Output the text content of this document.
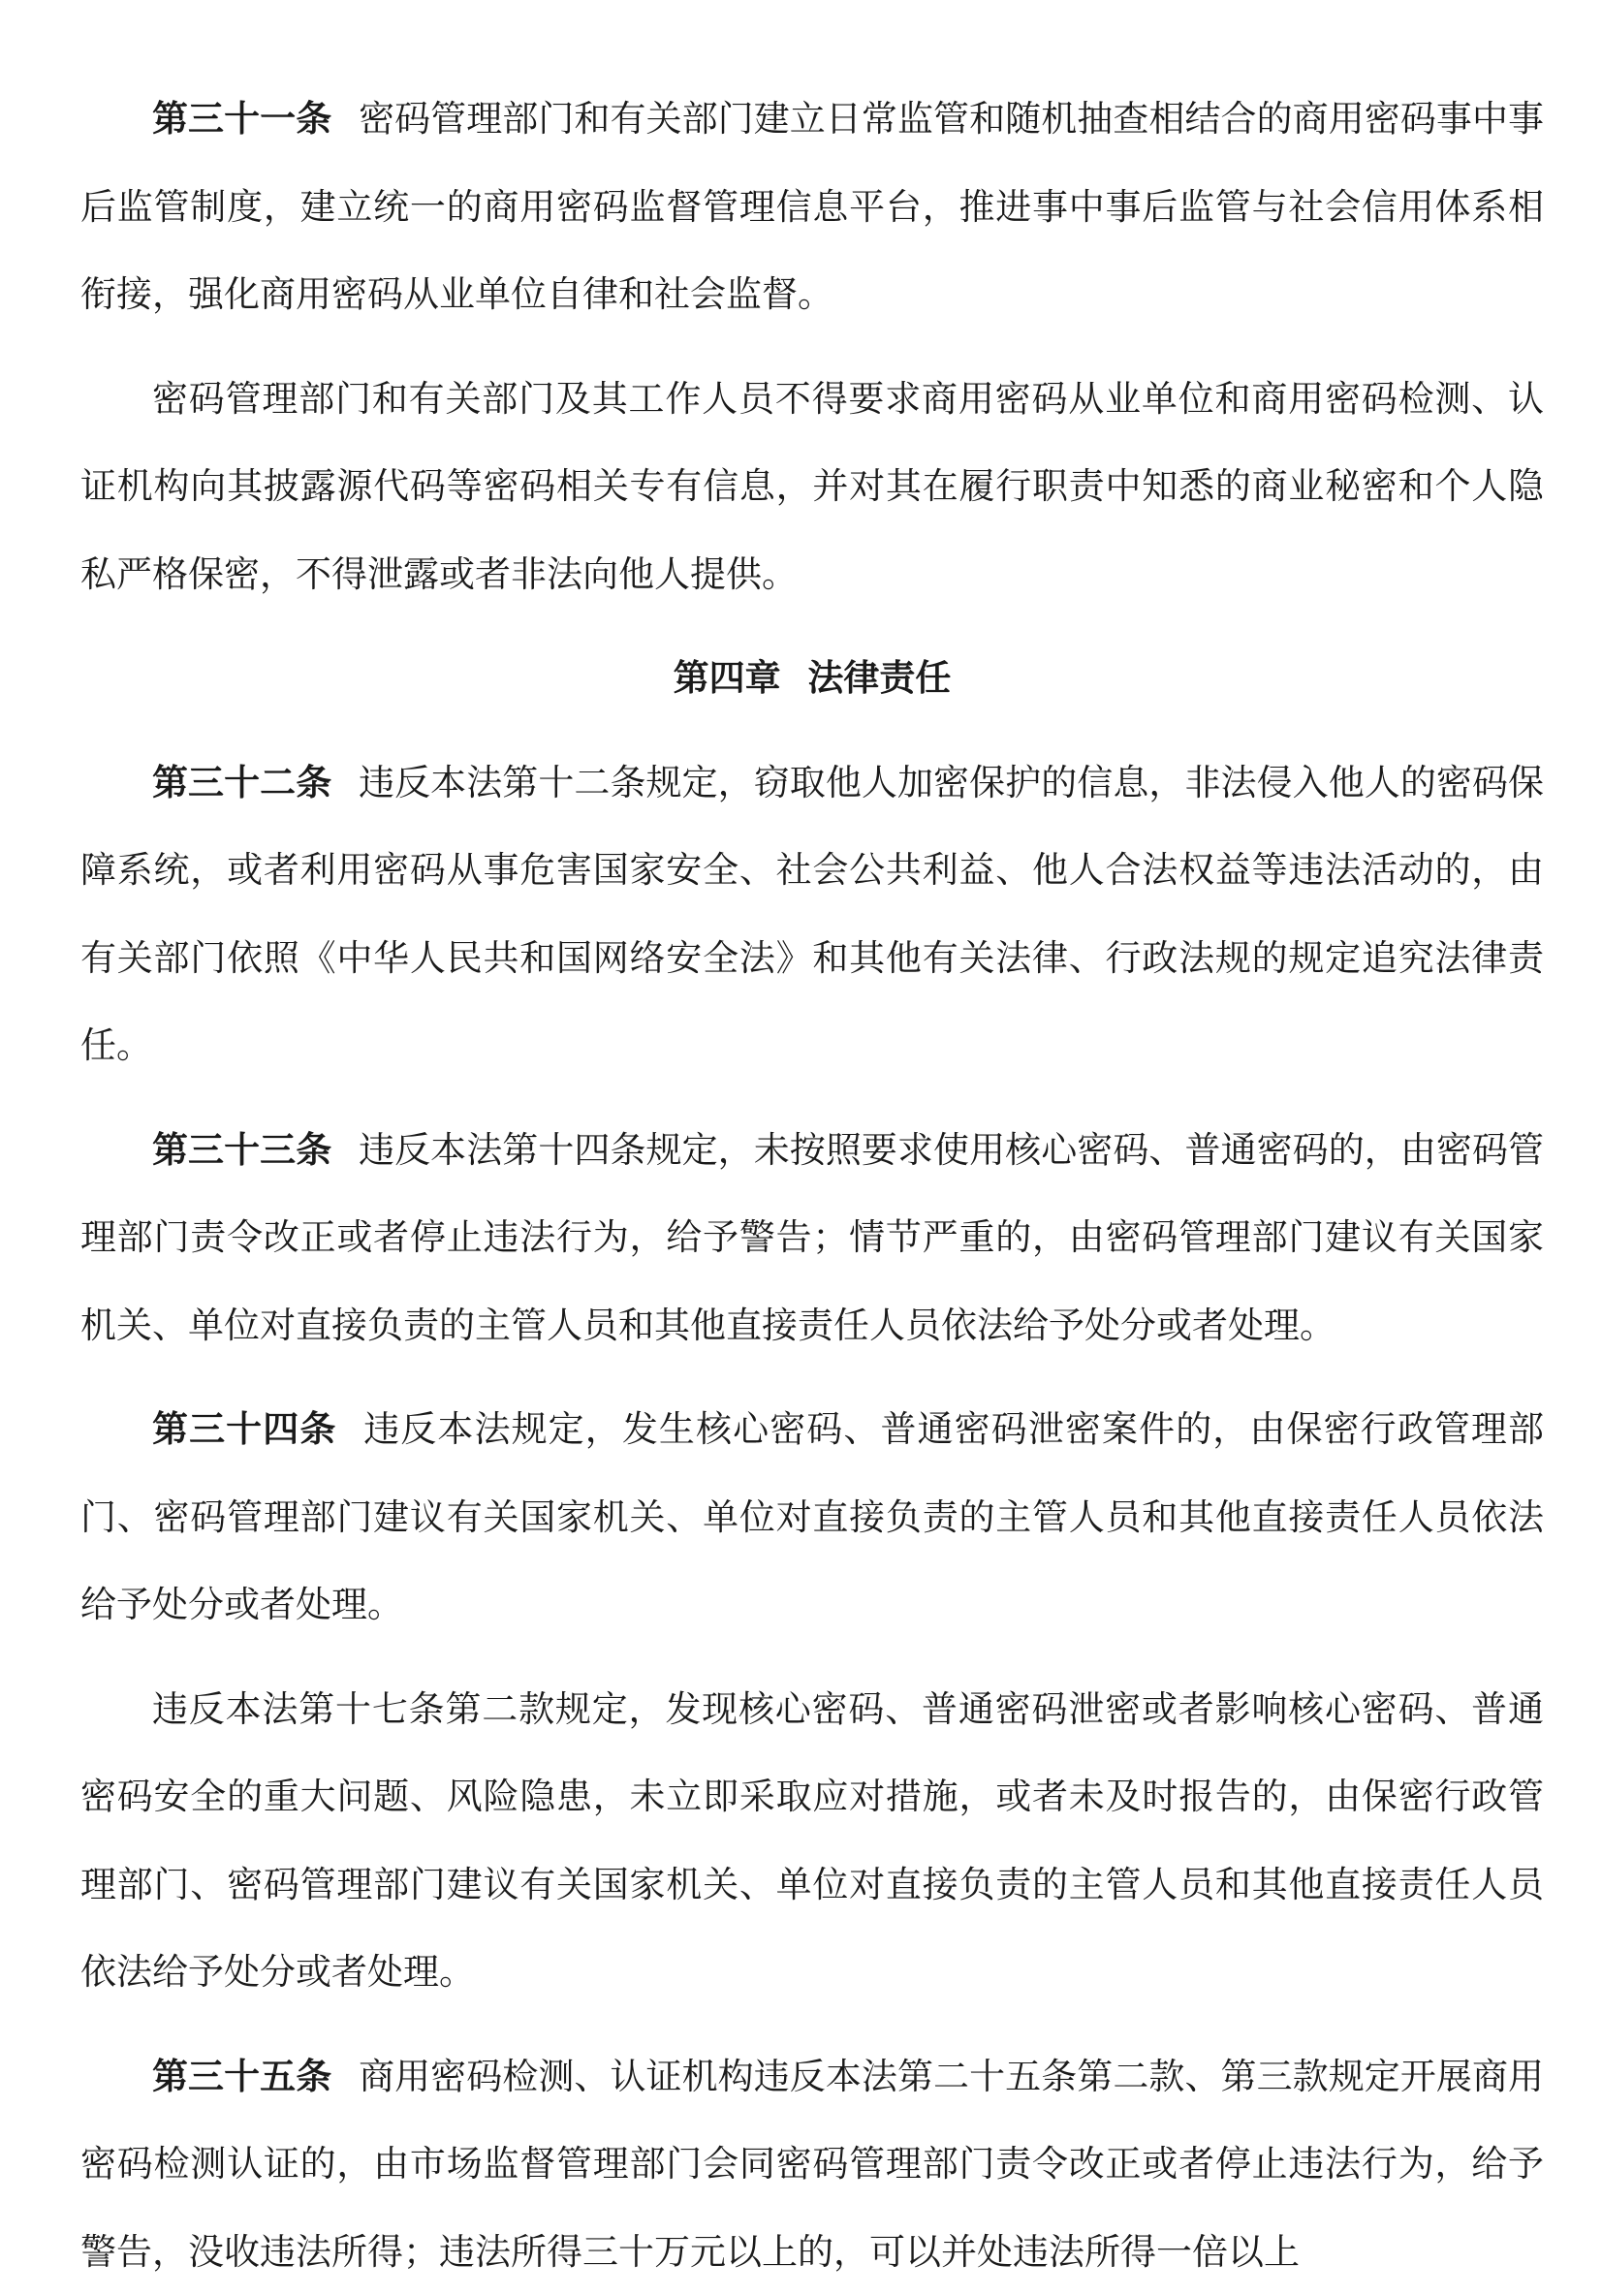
第三十一条 密码管理部门和有关部门建立日常监管和随机抽查相结合的商用密码事中事后监管制度，建立统一的商用密码监督管理信息平台，推进事中事后监管与社会信用体系相衔接，强化商用密码从业单位自律和社会监督。

密码管理部门和有关部门及其工作人员不得要求商用密码从业单位和商用密码检测、认证机构向其披露源代码等密码相关专有信息，并对其在履行职责中知悉的商业秘密和个人隐私严格保密，不得泄露或者非法向他人提供。

第四章 法律责任

第三十二条 违反本法第十二条规定，窃取他人加密保护的信息，非法侵入他人的密码保障系统，或者利用密码从事危害国家安全、社会公共利益、他人合法权益等违法活动的，由有关部门依照《中华人民共和国网络安全法》和其他有关法律、行政法规的规定追究法律责任。

第三十三条 违反本法第十四条规定，未按照要求使用核心密码、普通密码的，由密码管理部门责令改正或者停止违法行为，给予警告；情节严重的，由密码管理部门建议有关国家机关、单位对直接负责的主管人员和其他直接责任人员依法给予处分或者处理。

第三十四条 违反本法规定，发生核心密码、普通密码泄密案件的，由保密行政管理部门、密码管理部门建议有关国家机关、单位对直接负责的主管人员和其他直接责任人员依法给予处分或者处理。

违反本法第十七条第二款规定，发现核心密码、普通密码泄密或者影响核心密码、普通密码安全的重大问题、风险隐患，未立即采取应对措施，或者未及时报告的，由保密行政管理部门、密码管理部门建议有关国家机关、单位对直接负责的主管人员和其他直接责任人员依法给予处分或者处理。

第三十五条 商用密码检测、认证机构违反本法第二十五条第二款、第三款规定开展商用密码检测认证的，由市场监督管理部门会同密码管理部门责令改正或者停止违法行为，给予警告，没收违法所得；违法所得三十万元以上的，可以并处违法所得一倍以上
